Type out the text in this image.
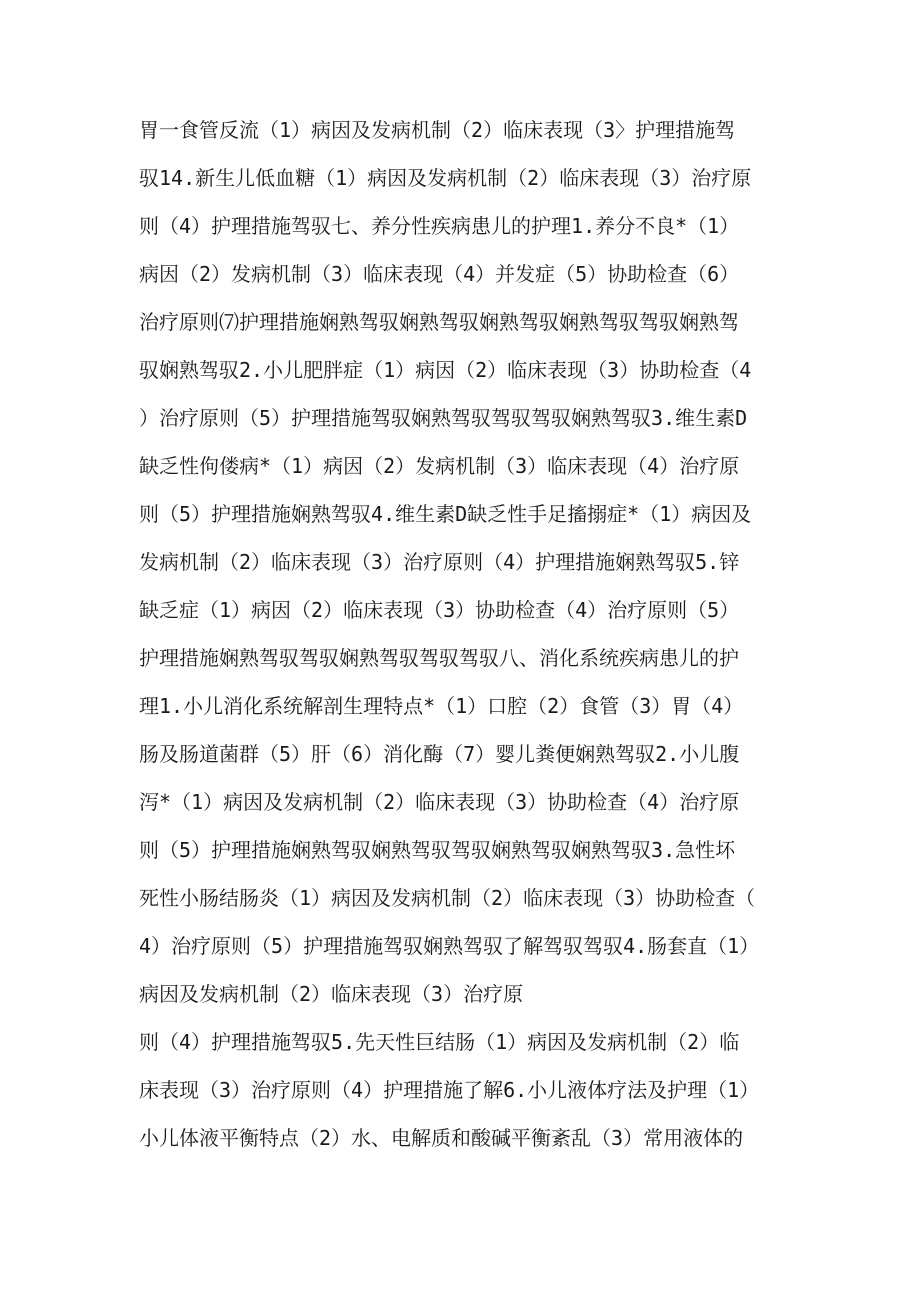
胃一食管反流（1）病因及发病机制（2）临床表现（3〉护理措施驾
驭14.新生儿低血糖（1）病因及发病机制（2）临床表现（3）治疗原
则（4）护理措施驾驭七、养分性疾病患儿的护理1.养分不良*（1）
病因（2）发病机制（3）临床表现（4）并发症（5）协助检查（6）
治疗原则⑺护理措施娴熟驾驭娴熟驾驭娴熟驾驭娴熟驾驭驾驭娴熟驾
驭娴熟驾驭2.小儿肥胖症（1）病因（2）临床表现（3）协助检查（4
）治疗原则（5）护理措施驾驭娴熟驾驭驾驭驾驭娴熟驾驭3.维生素D
缺乏性佝偻病*（1）病因（2）发病机制（3）临床表现（4）治疗原
则（5）护理措施娴熟驾驭4.维生素D缺乏性手足搐搦症*（1）病因及
发病机制（2）临床表现（3）治疗原则（4）护理措施娴熟驾驭5.锌
缺乏症（1）病因（2）临床表现（3）协助检查（4）治疗原则（5）
护理措施娴熟驾驭驾驭娴熟驾驭驾驭驾驭八、消化系统疾病患儿的护
理1.小儿消化系统解剖生理特点*（1）口腔（2）食管（3）胃（4）
肠及肠道菌群（5）肝（6）消化酶（7）婴儿粪便娴熟驾驭2.小儿腹
泻*（1）病因及发病机制（2）临床表现（3）协助检查（4）治疗原
则（5）护理措施娴熟驾驭娴熟驾驭驾驭娴熟驾驭娴熟驾驭3.急性坏
死性小肠结肠炎（1）病因及发病机制（2）临床表现（3）协助检查（
4）治疗原则（5）护理措施驾驭娴熟驾驭了解驾驭驾驭4.肠套直（1）
病因及发病机制（2）临床表现（3）治疗原
则（4）护理措施驾驭5.先天性巨结肠（1）病因及发病机制（2）临
床表现（3）治疗原则（4）护理措施了解6.小儿液体疗法及护理（1）
小儿体液平衡特点（2）水、电解质和酸碱平衡紊乱（3）常用液体的
